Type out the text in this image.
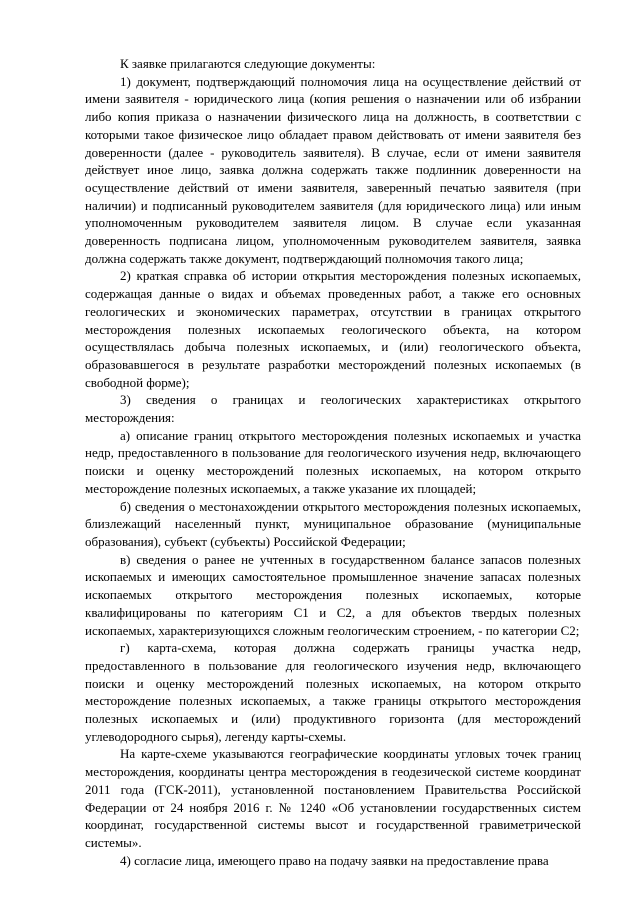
К заявке прилагаются следующие документы:

1) документ, подтверждающий полномочия лица на осуществление действий от имени заявителя - юридического лица (копия решения о назначении или об избрании либо копия приказа о назначении физического лица на должность, в соответствии с которыми такое физическое лицо обладает правом действовать от имени заявителя без доверенности (далее - руководитель заявителя). В случае, если от имени заявителя действует иное лицо, заявка должна содержать также подлинник доверенности на осуществление действий от имени заявителя, заверенный печатью заявителя (при наличии) и подписанный руководителем заявителя (для юридического лица) или иным уполномоченным руководителем заявителя лицом. В случае если указанная доверенность подписана лицом, уполномоченным руководителем заявителя, заявка должна содержать также документ, подтверждающий полномочия такого лица;

2) краткая справка об истории открытия месторождения полезных ископаемых, содержащая данные о видах и объемах проведенных работ, а также его основных геологических и экономических параметрах, отсутствии в границах открытого месторождения полезных ископаемых геологического объекта, на котором осуществлялась добыча полезных ископаемых, и (или) геологического объекта, образовавшегося в результате разработки месторождений полезных ископаемых (в свободной форме);

3) сведения о границах и геологических характеристиках открытого месторождения:

а) описание границ открытого месторождения полезных ископаемых и участка недр, предоставленного в пользование для геологического изучения недр, включающего поиски и оценку месторождений полезных ископаемых, на котором открыто месторождение полезных ископаемых, а также указание их площадей;

б) сведения о местонахождении открытого месторождения полезных ископаемых, близлежащий населенный пункт, муниципальное образование (муниципальные образования), субъект (субъекты) Российской Федерации;

в) сведения о ранее не учтенных в государственном балансе запасов полезных ископаемых и имеющих самостоятельное промышленное значение запасах полезных ископаемых открытого месторождения полезных ископаемых, которые квалифицированы по категориям С1 и С2, а для объектов твердых полезных ископаемых, характеризующихся сложным геологическим строением, - по категории С2;

г) карта-схема, которая должна содержать границы участка недр, предоставленного в пользование для геологического изучения недр, включающего поиски и оценку месторождений полезных ископаемых, на котором открыто месторождение полезных ископаемых, а также границы открытого месторождения полезных ископаемых и (или) продуктивного горизонта (для месторождений углеводородного сырья), легенду карты-схемы.

На карте-схеме указываются географические координаты угловых точек границ месторождения, координаты центра месторождения в геодезической системе координат 2011 года (ГСК-2011), установленной постановлением Правительства Российской Федерации от 24 ноября 2016 г. № 1240 «Об установлении государственных систем координат, государственной системы высот и государственной гравиметрической системы».

4) согласие лица, имеющего право на подачу заявки на предоставление права
